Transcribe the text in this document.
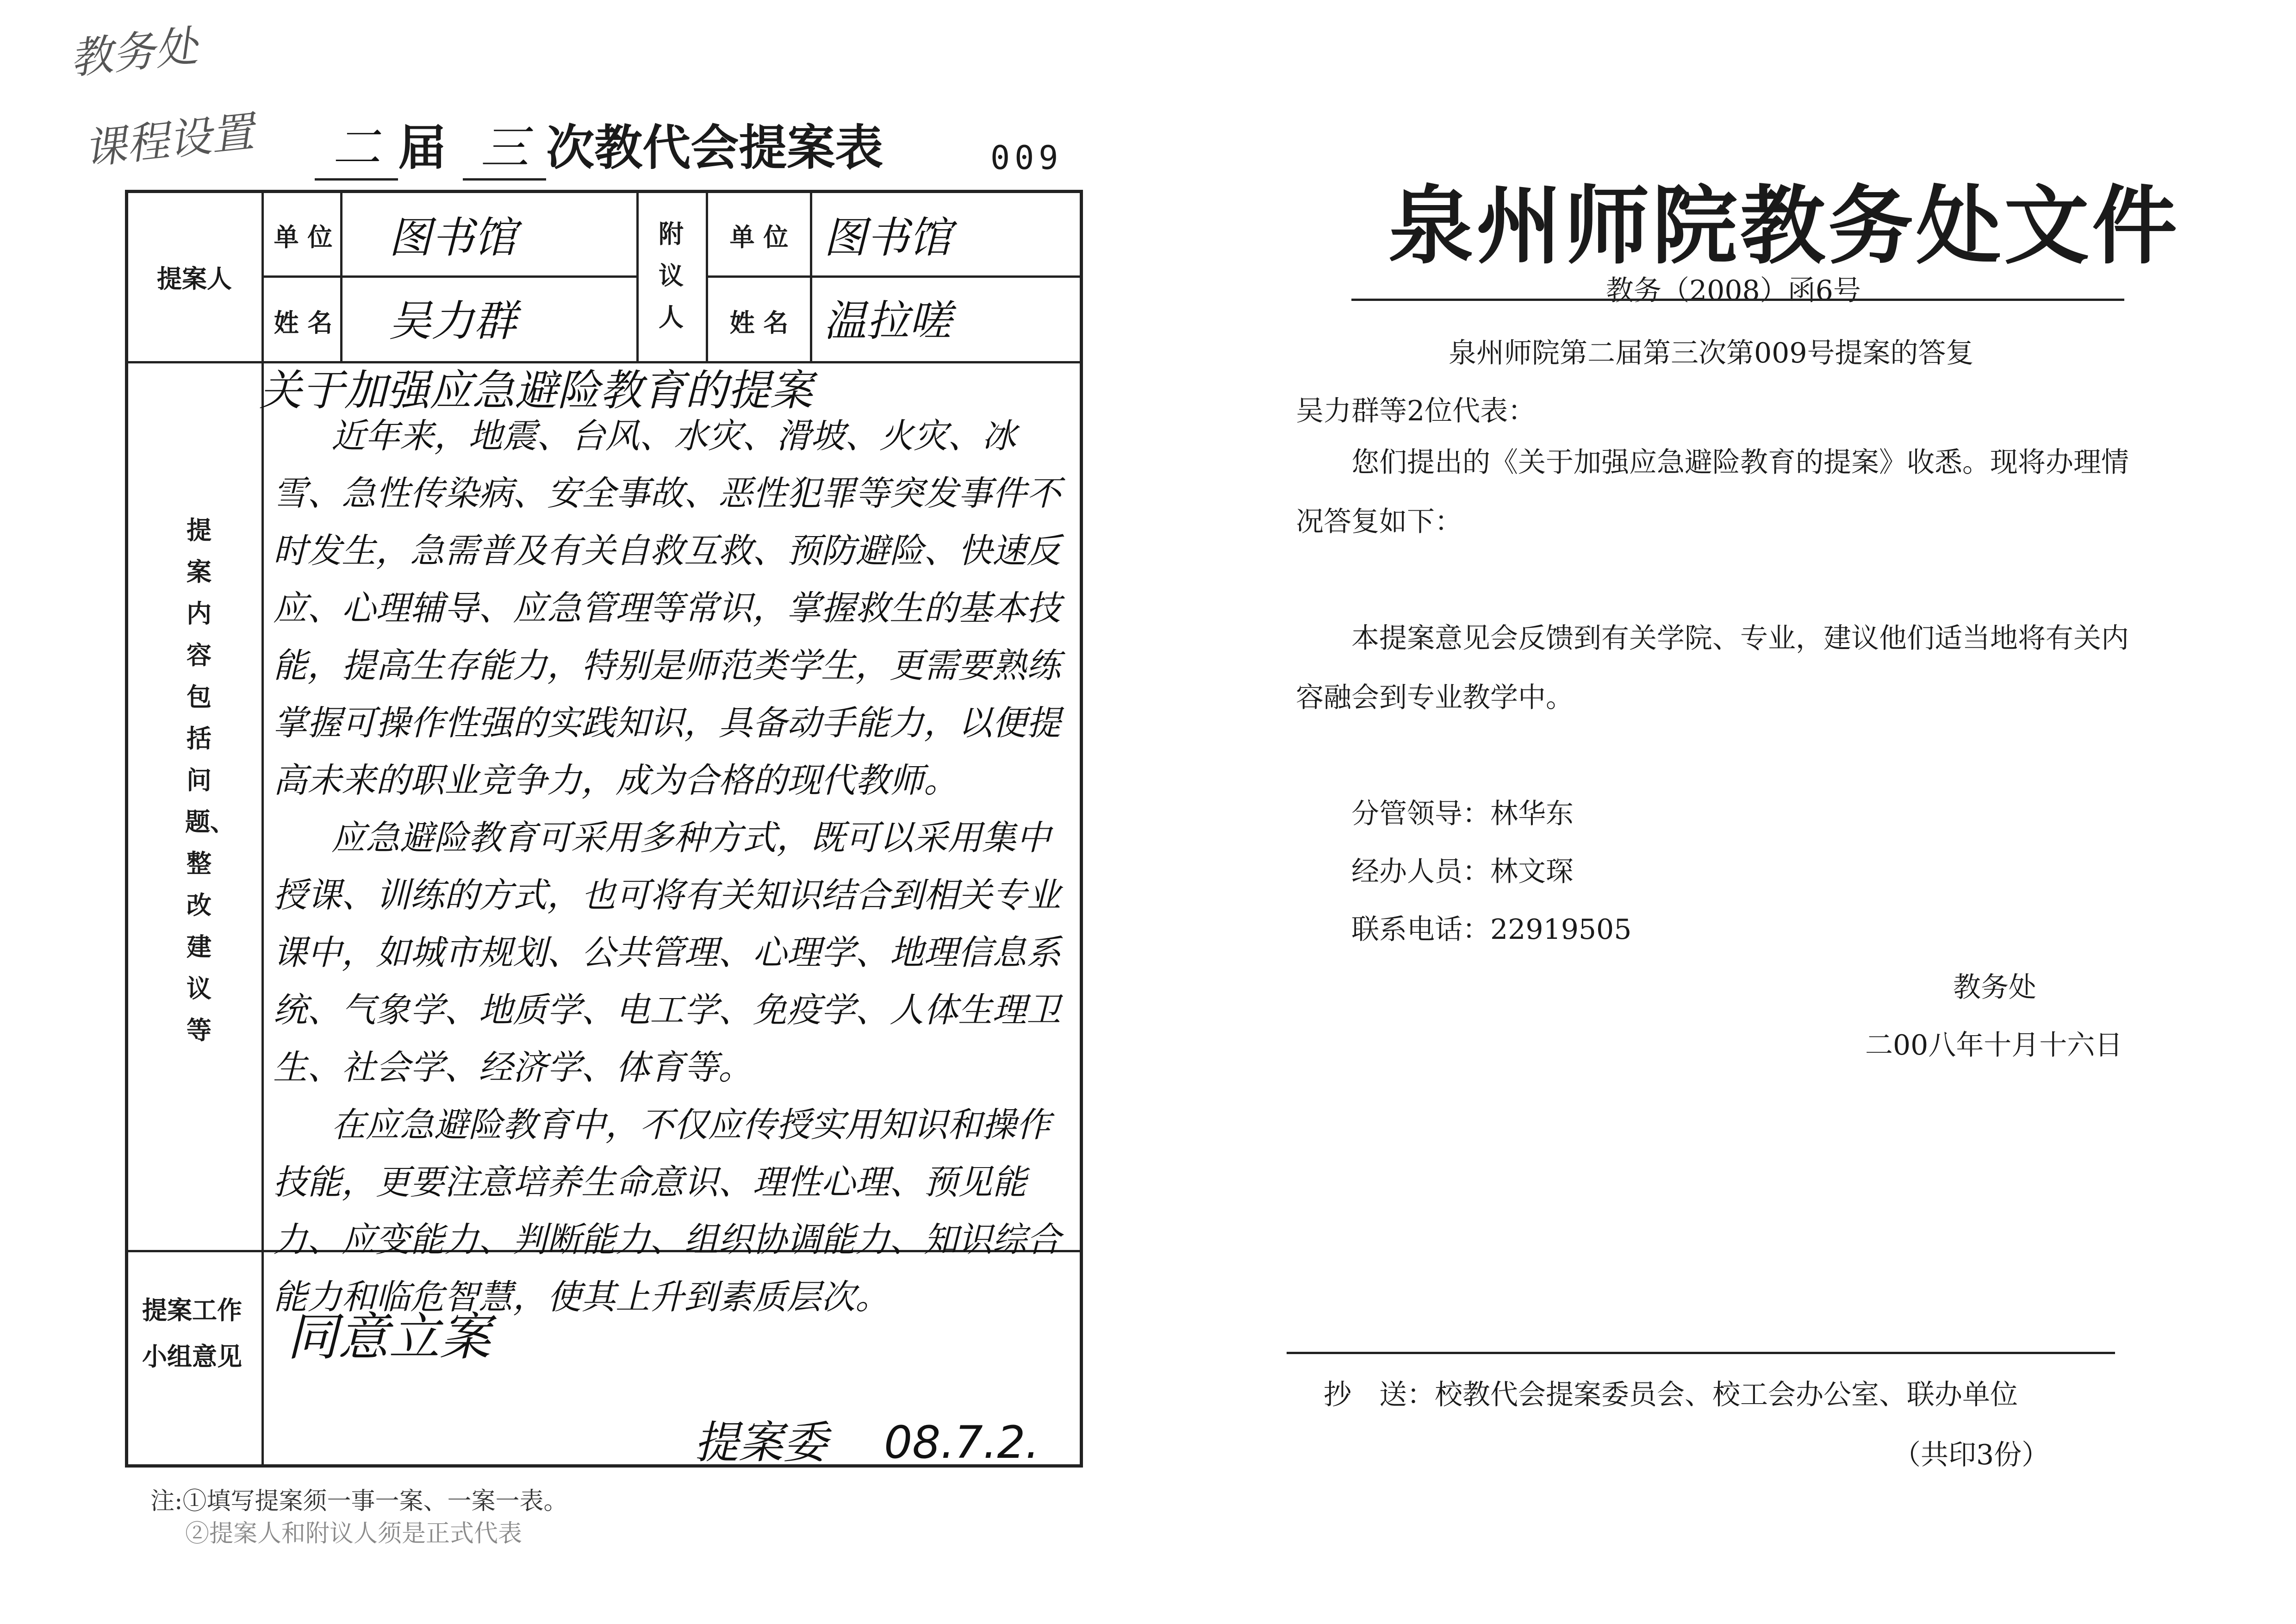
教务处
课程设置	二 届 三 次教代会提案表	009
提案人
单 位
姓 名
附议人
单 位
姓 名
图书馆
吴力群
图书馆
温拉嗟
提案内容包括问题、整改建议等
关于加强应急避险教育的提案

近年来，地震、台风、水灾、滑坡、火灾、冰雪、急性传染病、安全事故、恶性犯罪等突发事件不时发生，急需普及有关自救互救、预防避险、快速反应、心理辅导、应急管理等常识，掌握救生的基本技能，提高生存能力，特别是师范类学生，更需要熟练掌握可操作性强的实践知识，具备动手能力，以便提高未来的职业竞争力，成为合格的现代教师。

应急避险教育可采用多种方式，既可以采用集中授课、训练的方式，也可将有关知识结合到相关专业课中，如城市规划、公共管理、心理学、地理信息系统、气象学、地质学、电工学、免疫学、人体生理卫生、社会学、经济学、体育等。

在应急避险教育中，不仅应传授实用知识和操作技能，更要注意培养生命意识、理性心理、预见能力、应变能力、判断能力、组织协调能力、知识综合能力和临危智慧，使其上升到素质层次。

提案工作小组意见 同意立案
提案委 08.7.2.
注:①填写提案须一事一案、一案一表。
②提案人和附议人须是正式代表
泉州师院教务处文件
教务（2008）函6号
泉州师院第二届第三次第009号提案的答复
吴力群等2位代表：

您们提出的《关于加强应急避险教育的提案》收悉。现将办理情况答复如下：

本提案意见会反馈到有关学院、专业，建议他们适当地将有关内容融会到专业教学中。

分管领导：林华东
经办人员：林文琛
联系电话：22919505
教务处
二00八年十月十六日
抄　送：校教代会提案委员会、校工会办公室、联办单位
（共印3份）
